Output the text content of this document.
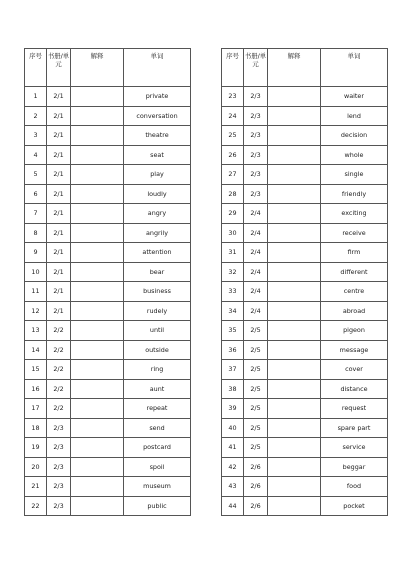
序号	书册/单元	解释	单词
1	2/1		private
2	2/1		conversation
3	2/1		theatre
4	2/1		seat
5	2/1		play
6	2/1		loudly
7	2/1		angry
8	2/1		angrily
9	2/1		attention
10	2/1		bear
11	2/1		business
12	2/1		rudely
13	2/2		until
14	2/2		outside
15	2/2		ring
16	2/2		aunt
17	2/2		repeat
18	2/3		send
19	2/3		postcard
20	2/3		spoil
21	2/3		museum
22	2/3		public
序号	书册/单元	解释	单词
23	2/3		waiter
24	2/3		lend
25	2/3		decision
26	2/3		whole
27	2/3		single
28	2/3		friendly
29	2/4		exciting
30	2/4		receive
31	2/4		firm
32	2/4		different
33	2/4		centre
34	2/4		abroad
35	2/5		pigeon
36	2/5		message
37	2/5		cover
38	2/5		distance
39	2/5		request
40	2/5		spare part
41	2/5		service
42	2/6		beggar
43	2/6		food
44	2/6		pocket
